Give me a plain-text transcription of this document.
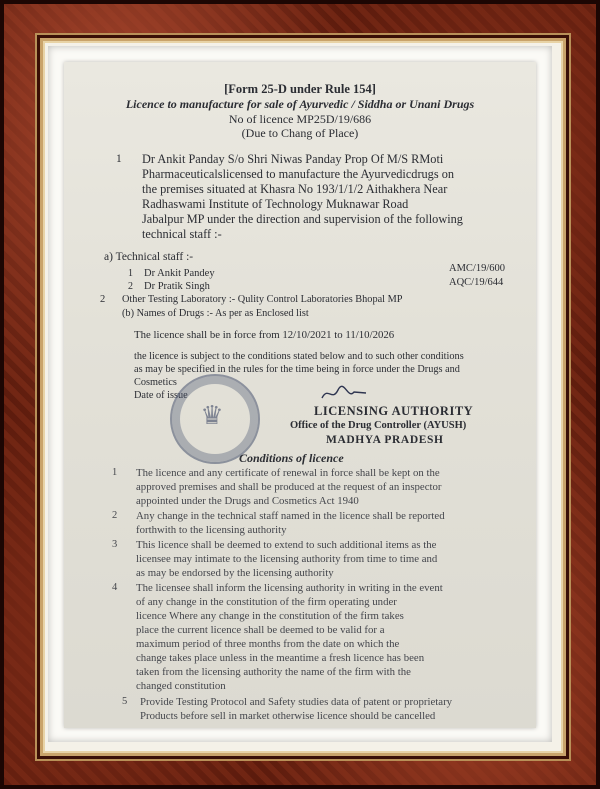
[Form 25-D under Rule 154]
Licence to manufacture for sale of Ayurvedic / Siddha or Unani Drugs
No of licence MP25D/19/686
(Due to Chang of Place)
1 Dr Ankit Panday S/o Shri Niwas Panday Prop Of M/S RMoti
Pharmaceuticalslicensed to manufacture the Ayurvedicdrugs on
the premises situated at Khasra No 193/1/1/2 Aithakhera Near
Radhaswami Institute of Technology Muknawar Road
Jabalpur MP under the direction and supervision of the following
technical staff :-
a) Technical staff :-
1 Dr Ankit Pandey	AMC/19/600
2 Dr Pratik Singh	AQC/19/644
2 Other Testing Laboratory :- Qulity Control Laboratories Bhopal MP
(b) Names of Drugs :- As per as Enclosed list
The licence shall be in force from 12/10/2021 to 11/10/2026
the licence is subject to the conditions stated below and to such other conditions
as may be specified in the rules for the time being in force under the Drugs and
Cosmetics
Date of issue
♛	LICENSING AUTHORITY
Office of the Drug Controller (AYUSH)
MADHYA PRADESH
Conditions of licence
1 The licence and any certificate of renewal in force shall be kept on the
approved premises and shall be produced at the request of an inspector
appointed under the Drugs and Cosmetics Act 1940
2 Any change in the technical staff named in the licence shall be reported
forthwith to the licensing authority
3 This licence shall be deemed to extend to such additional items as the
licensee may intimate to the licensing authority from time to time and
as may be endorsed by the licensing authority
4 The licensee shall inform the licensing authority in writing in the event
of any change in the constitution of the firm operating under
licence Where any change in the constitution of the firm takes
place the current licence shall be deemed to be valid for a
maximum period of three months from the date on which the
change takes place unless in the meantime a fresh licence has been
taken from the licensing authority the name of the firm with the
changed constitution
5 Provide Testing Protocol and Safety studies data of patent or proprietary
Products before sell in market otherwise licence should be cancelled
